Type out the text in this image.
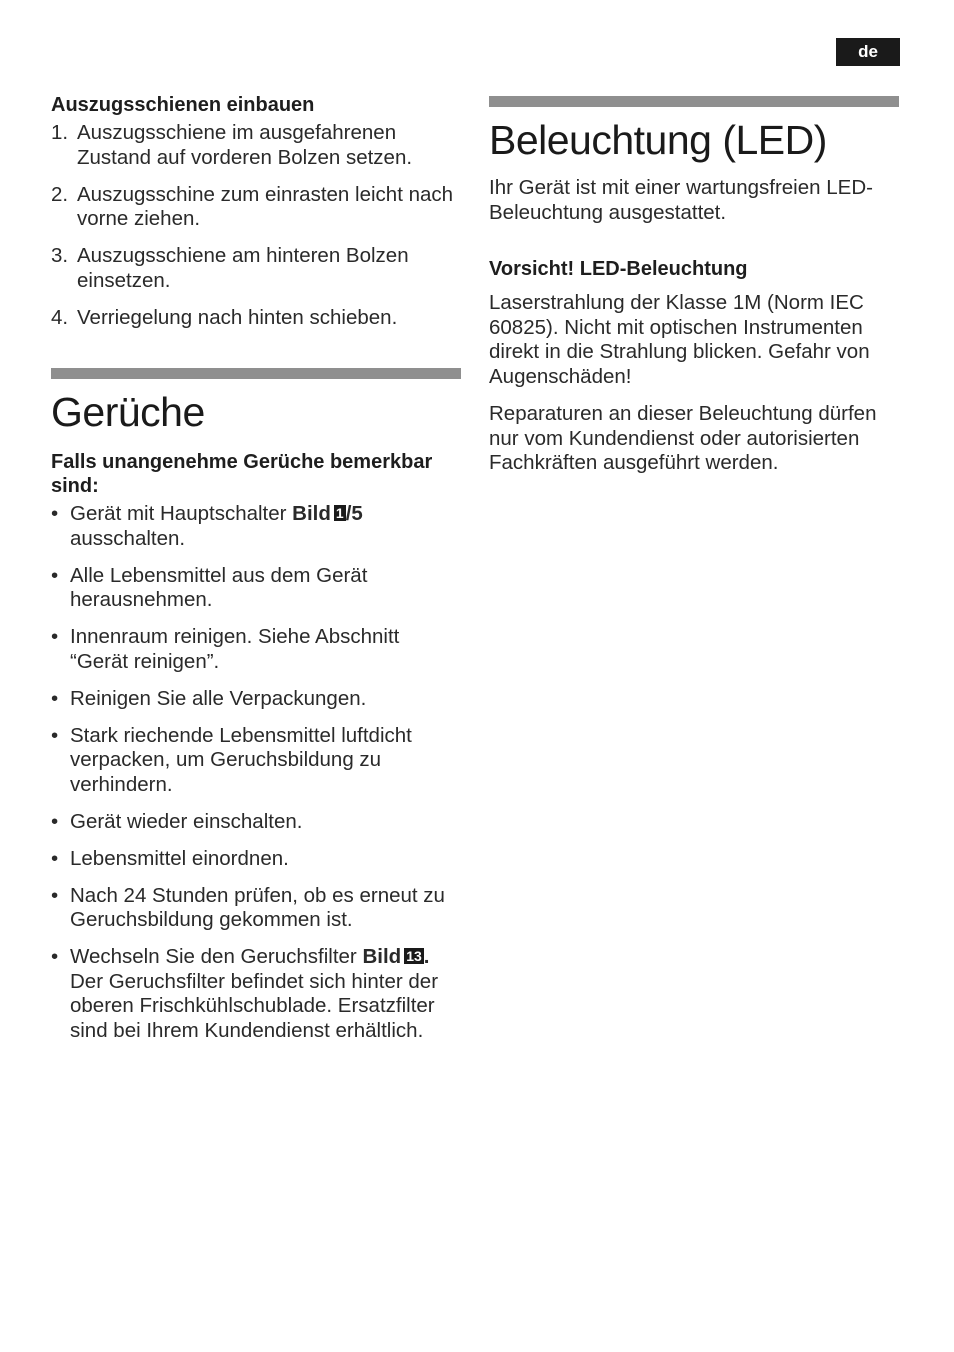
de
Auszugsschienen einbauen
1. Auszugsschiene im ausgefahrenen Zustand auf vorderen Bolzen setzen.
2. Auszugsschine zum einrasten leicht nach vorne ziehen.
3. Auszugsschiene am hinteren Bolzen einsetzen.
4. Verriegelung nach hinten schieben.
Gerüche
Falls unangenehme Gerüche bemerkbar sind:
• Gerät mit Hauptschalter Bild 1/5
ausschalten.
• Alle Lebensmittel aus dem Gerät herausnehmen.
• Innenraum reinigen. Siehe Abschnitt “Gerät reinigen”.
• Reinigen Sie alle Verpackungen.
• Stark riechende Lebensmittel luftdicht verpacken, um Geruchsbildung zu verhindern.
• Gerät wieder einschalten.
• Lebensmittel einordnen.
• Nach 24 Stunden prüfen, ob es erneut zu Geruchsbildung gekommen ist.
• Wechseln Sie den Geruchsfilter Bild 13. Der Geruchsfilter befindet sich hinter der oberen Frischkühlschublade. Ersatzfilter sind bei Ihrem Kundendienst erhältlich.
Beleuchtung (LED)

Ihr Gerät ist mit einer wartungsfreien LED-Beleuchtung ausgestattet.

Vorsicht! LED-Beleuchtung

Laserstrahlung der Klasse 1M (Norm IEC 60825). Nicht mit optischen Instrumenten direkt in die Strahlung blicken. Gefahr von Augenschäden!

Reparaturen an dieser Beleuchtung dürfen nur vom Kundendienst oder autorisierten Fachkräften ausgeführt werden.
